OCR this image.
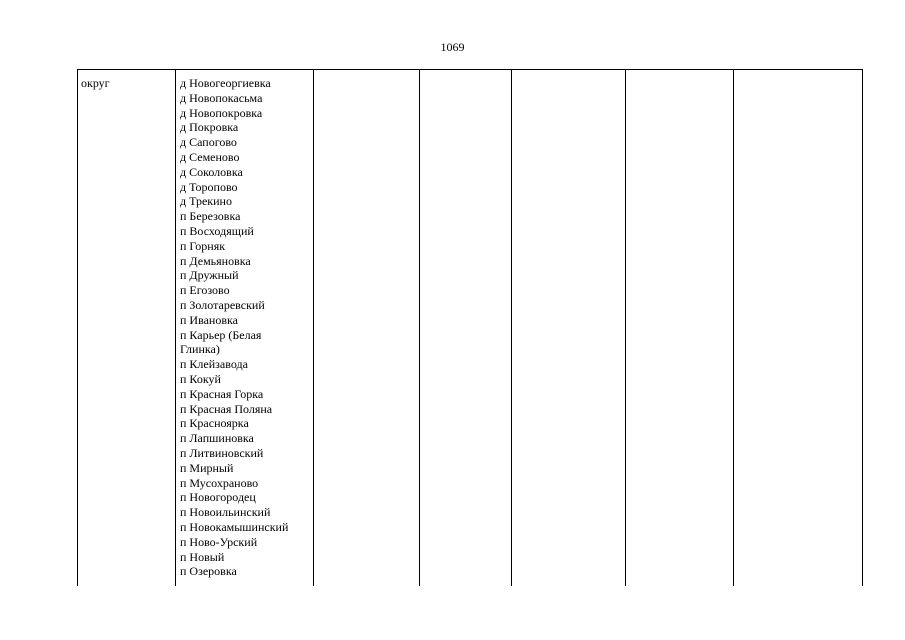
1069
округ	д Новогеоргиевка
д Новопокасьма
д Новопокровка
д Покровка
д Сапогово
д Семеново
д Соколовка
д Торопово
д Трекино
п Березовка
п Восходящий
п Горняк
п Демьяновка
п Дружный
п Егозово
п Золотаревский
п Ивановка
п Карьер (Белая
Глинка)
п Клейзавода
п Кокуй
п Красная Горка
п Красная Поляна
п Красноярка
п Лапшиновка
п Литвиновский
п Мирный
п Мусохраново
п Новогородец
п Новоильинский
п Новокамышинский
п Ново-Урский
п Новый
п Озеровка
